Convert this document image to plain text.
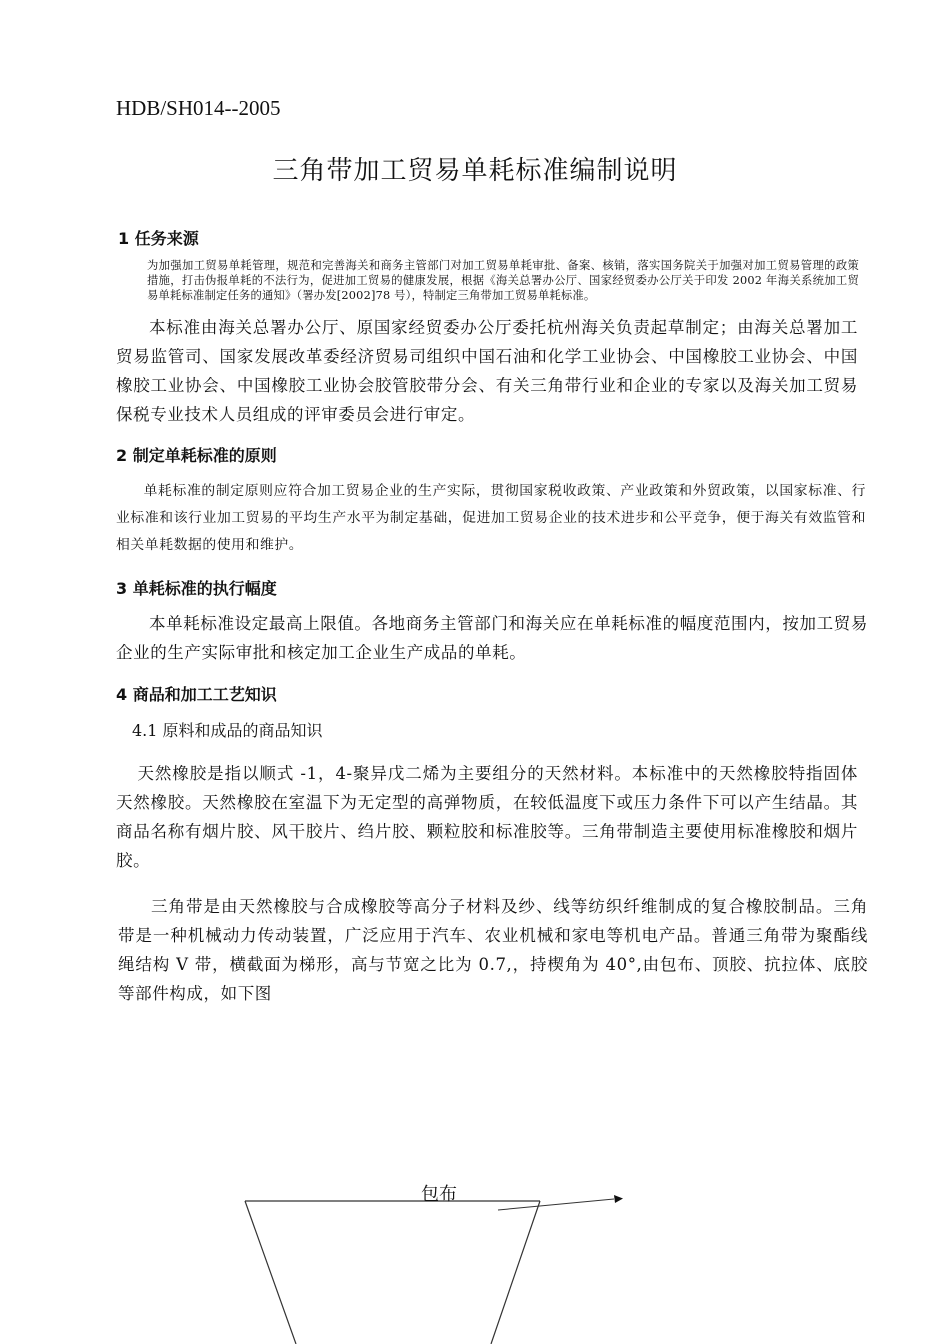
HDB/SH014--2005
三角带加工贸易单耗标准编制说明
1 任务来源
为加强加工贸易单耗管理，规范和完善海关和商务主管部门对加工贸易单耗审批、备案、核销，落实国务院关于加强对加工贸易管理的政策措施，打击伪报单耗的不法行为，促进加工贸易的健康发展，根据《海关总署办公厅、国家经贸委办公厅关于印发 2002 年海关系统加工贸易单耗标准制定任务的通知》（署办发[2002]78 号），特制定三角带加工贸易单耗标准。
本标准由海关总署办公厅、原国家经贸委办公厅委托杭州海关负责起草制定；由海关总署加工贸易监管司、国家发展改革委经济贸易司组织中国石油和化学工业协会、中国橡胶工业协会、中国橡胶工业协会、中国橡胶工业协会胶管胶带分会、有关三角带行业和企业的专家以及海关加工贸易保税专业技术人员组成的评审委员会进行审定。
2 制定单耗标准的原则
单耗标准的制定原则应符合加工贸易企业的生产实际，贯彻国家税收政策、产业政策和外贸政策，以国家标准、行业标准和该行业加工贸易的平均生产水平为制定基础，促进加工贸易企业的技术进步和公平竞争，便于海关有效监管和相关单耗数据的使用和维护。
3 单耗标准的执行幅度
本单耗标准设定最高上限值。各地商务主管部门和海关应在单耗标准的幅度范围内，按加工贸易企业的生产实际审批和核定加工企业生产成品的单耗。
4 商品和加工工艺知识
4.1 原料和成品的商品知识
天然橡胶是指以顺式 -1，4-聚异戊二烯为主要组分的天然材料。本标准中的天然橡胶特指固体天然橡胶。天然橡胶在室温下为无定型的高弹物质，在较低温度下或压力条件下可以产生结晶。其商品名称有烟片胶、风干胶片、绉片胶、颗粒胶和标准胶等。三角带制造主要使用标准橡胶和烟片胶。
三角带是由天然橡胶与合成橡胶等高分子材料及纱、线等纺织纤维制成的复合橡胶制品。三角带是一种机械动力传动装置，广泛应用于汽车、农业机械和家电等机电产品。普通三角带为聚酯线绳结构 V 带，横截面为梯形，高与节宽之比为 0.7,，持楔角为 40°,由包布、顶胶、抗拉体、底胶等部件构成，如下图
包布
